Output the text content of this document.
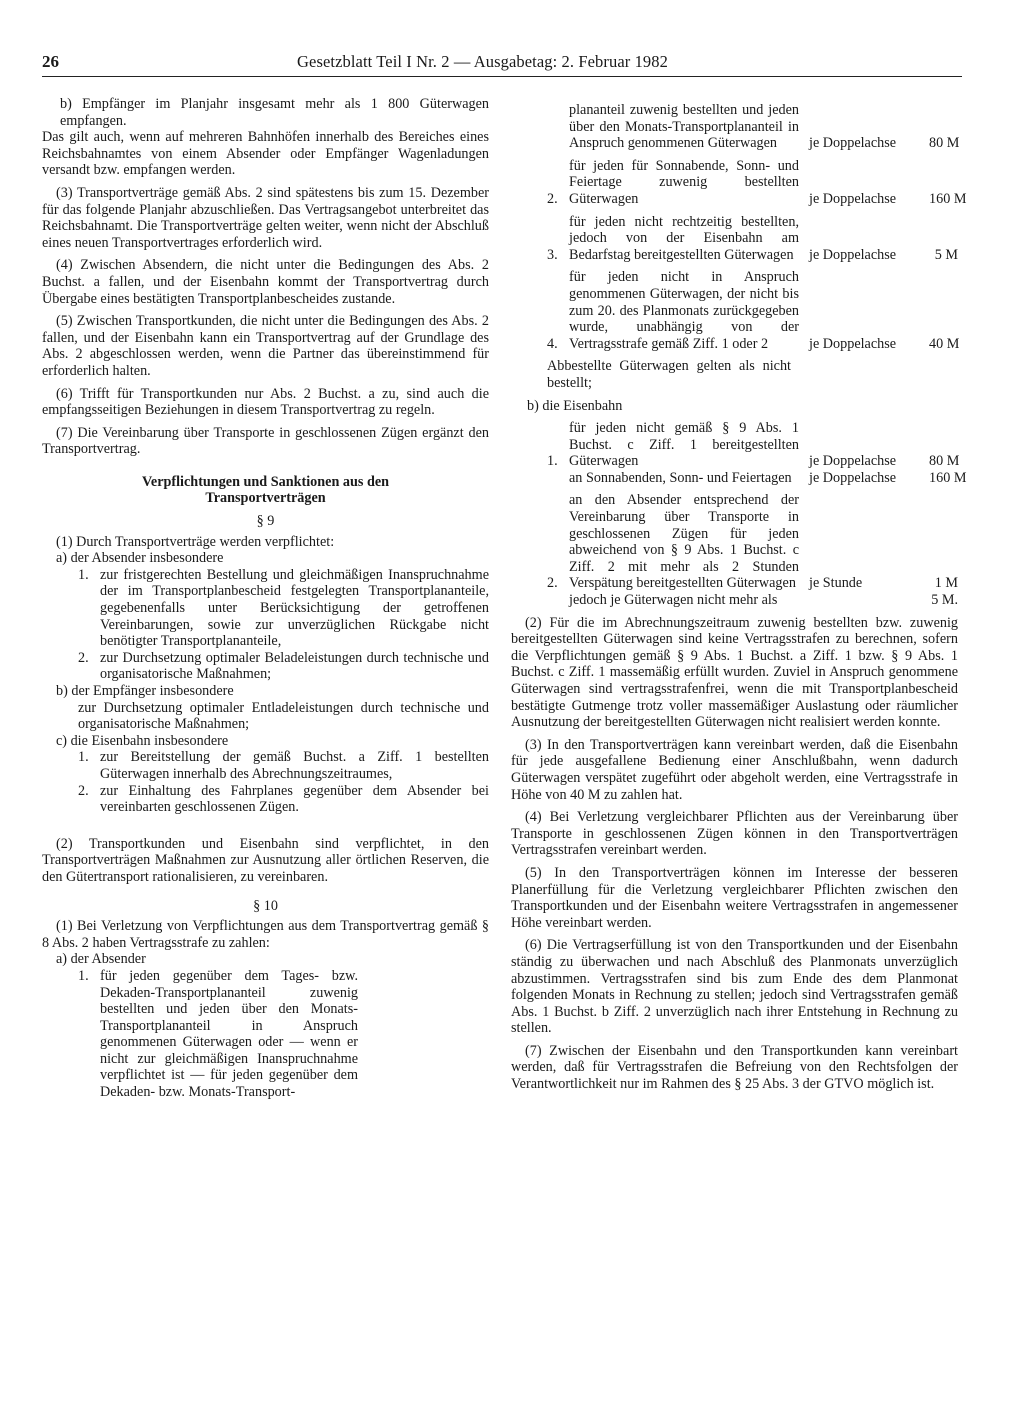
26	Gesetzblatt Teil I Nr. 2 — Ausgabetag: 2. Februar 1982
b) Empfänger im Planjahr insgesamt mehr als 1 800 Güterwagen empfangen.

Das gilt auch, wenn auf mehreren Bahnhöfen innerhalb des Bereiches eines Reichsbahnamtes von einem Absender oder Empfänger Wagenladungen versandt bzw. empfangen werden.

(3) Transportverträge gemäß Abs. 2 sind spätestens bis zum 15. Dezember für das folgende Planjahr abzuschließen. Das Vertragsangebot unterbreitet das Reichsbahnamt. Die Transportverträge gelten weiter, wenn nicht der Abschluß eines neuen Transportvertrages erforderlich wird.

(4) Zwischen Absendern, die nicht unter die Bedingungen des Abs. 2 Buchst. a fallen, und der Eisenbahn kommt der Transportvertrag durch Übergabe eines bestätigten Transportplanbescheides zustande.

(5) Zwischen Transportkunden, die nicht unter die Bedingungen des Abs. 2 fallen, und der Eisenbahn kann ein Transportvertrag auf der Grundlage des Abs. 2 abgeschlossen werden, wenn die Partner das übereinstimmend für erforderlich halten.

(6) Trifft für Transportkunden nur Abs. 2 Buchst. a zu, sind auch die empfangsseitigen Beziehungen in diesem Transportvertrag zu regeln.

(7) Die Vereinbarung über Transporte in geschlossenen Zügen ergänzt den Transportvertrag.

Verpflichtungen und Sanktionen aus den
Transportverträgen
§ 9

(1) Durch Transportverträge werden verpflichtet:

a) der Absender insbesondere

1. zur fristgerechten Bestellung und gleichmäßigen Inanspruchnahme der im Transportplanbescheid festgelegten Transportplananteile, gegebenenfalls unter Berücksichtigung der getroffenen Vereinbarungen, sowie zur unverzüglichen Rückgabe nicht benötigter Transportplananteile,
2. zur Durchsetzung optimaler Beladeleistungen durch technische und organisatorische Maßnahmen;

b) der Empfänger insbesondere

zur Durchsetzung optimaler Entladeleistungen durch technische und organisatorische Maßnahmen;

c) die Eisenbahn insbesondere

1. zur Bereitstellung der gemäß Buchst. a Ziff. 1 bestellten Güterwagen innerhalb des Abrechnungszeitraumes,
2. zur Einhaltung des Fahrplanes gegenüber dem Absender bei vereinbarten geschlossenen Zügen.

(2) Transportkunden und Eisenbahn sind verpflichtet, in den Transportverträgen Maßnahmen zur Ausnutzung aller örtlichen Reserven, die den Gütertransport rationalisieren, zu vereinbaren.

§ 10

(1) Bei Verletzung von Verpflichtungen aus dem Transportvertrag gemäß § 8 Abs. 2 haben Vertragsstrafe zu zahlen:

a) der Absender

1. für jeden gegenüber dem Tages- bzw. Dekaden-Transportplananteil zuwenig bestellten und jeden über den Monats-Transportplananteil in Anspruch genommenen Güterwagen oder — wenn er nicht zur gleichmäßigen Inanspruchnahme verpflichtet ist — für jeden gegenüber dem Dekaden- bzw. Monats-Transport-
plananteil zuwenig bestellten und jeden über den Monats-Transportplananteil in Anspruch genommenen Güterwagen	je Doppelachse	80 M
2.
für jeden für Sonnabende, Sonn- und Feiertage zuwenig bestellten Güterwagen	je Doppelachse	160 M
3.
für jeden nicht rechtzeitig bestellten, jedoch von der Eisenbahn am Bedarfstag bereitgestellten Güterwagen	je Doppelachse	5 M
4.
für jeden nicht in Anspruch genommenen Güterwagen, der nicht bis zum 20. des Planmonats zurückgegeben wurde, unabhängig von der Vertragsstrafe gemäß Ziff. 1 oder 2	je Doppelachse	40 M

Abbestellte Güterwagen gelten als nicht bestellt;

b) die Eisenbahn

1.
für jeden nicht gemäß § 9 Abs. 1 Buchst. c Ziff. 1 bereitgestellten Güterwagen	je Doppelachse	80 M
an Sonnabenden, Sonn- und Feiertagen	je Doppelachse	160 M
2.
an den Absender entsprechend der Vereinbarung über Transporte in geschlossenen Zügen für jeden abweichend von § 9 Abs. 1 Buchst. c Ziff. 2 mit mehr als 2 Stunden Verspätung bereitgestellten Güterwagen je Stunde	1 M
jedoch je Güterwagen nicht mehr als	5 M.

(2) Für die im Abrechnungszeitraum zuwenig bestellten bzw. zuwenig bereitgestellten Güterwagen sind keine Vertragsstrafen zu berechnen, sofern die Verpflichtungen gemäß § 9 Abs. 1 Buchst. a Ziff. 1 bzw. § 9 Abs. 1 Buchst. c Ziff. 1 massemäßig erfüllt wurden. Zuviel in Anspruch genommene Güterwagen sind vertragsstrafenfrei, wenn die mit Transportplanbescheid bestätigte Gutmenge trotz voller massemäßiger Auslastung oder räumlicher Ausnutzung der bereitgestellten Güterwagen nicht realisiert werden konnte.

(3) In den Transportverträgen kann vereinbart werden, daß die Eisenbahn für jede ausgefallene Bedienung einer Anschlußbahn, wenn dadurch Güterwagen verspätet zugeführt oder abgeholt werden, eine Vertragsstrafe in Höhe von 40 M zu zahlen hat.

(4) Bei Verletzung vergleichbarer Pflichten aus der Vereinbarung über Transporte in geschlossenen Zügen können in den Transportverträgen Vertragsstrafen vereinbart werden.

(5) In den Transportverträgen können im Interesse der besseren Planerfüllung für die Verletzung vergleichbarer Pflichten zwischen den Transportkunden und der Eisenbahn weitere Vertragsstrafen in angemessener Höhe vereinbart werden.

(6) Die Vertragserfüllung ist von den Transportkunden und der Eisenbahn ständig zu überwachen und nach Abschluß des Planmonats unverzüglich abzustimmen. Vertragsstrafen sind bis zum Ende des dem Planmonat folgenden Monats in Rechnung zu stellen; jedoch sind Vertragsstrafen gemäß Abs. 1 Buchst. b Ziff. 2 unverzüglich nach ihrer Entstehung in Rechnung zu stellen.

(7) Zwischen der Eisenbahn und den Transportkunden kann vereinbart werden, daß für Vertragsstrafen die Befreiung von den Rechtsfolgen der Verantwortlichkeit nur im Rahmen des § 25 Abs. 3 der GTVO möglich ist.
